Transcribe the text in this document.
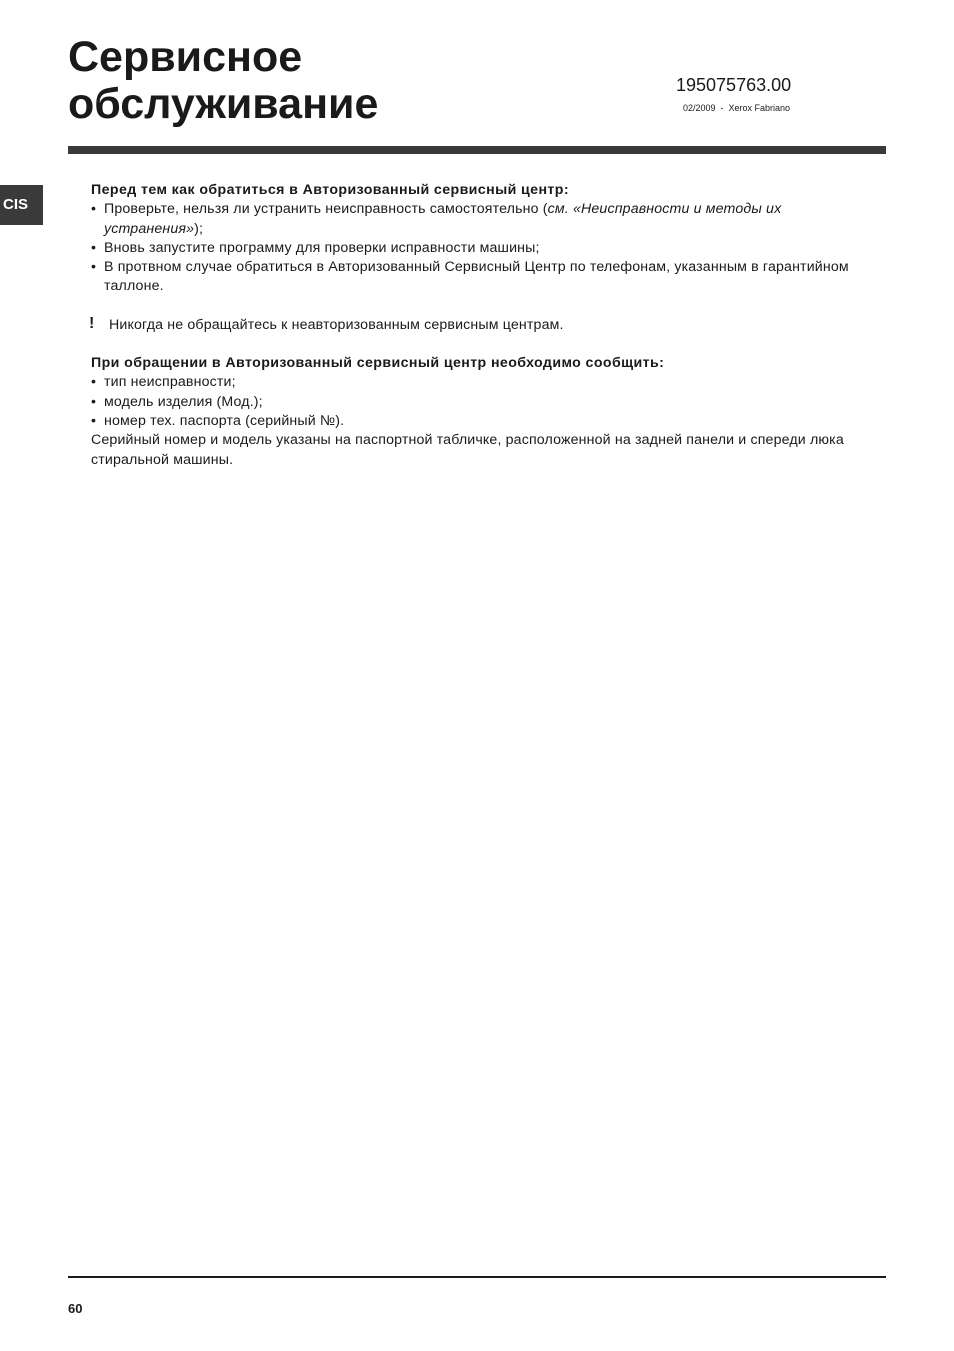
Сервисное
обслуживание	195075763.00
02/2009  -  Xerox Fabriano
CIS

Перед тем как обратиться в Авторизованный сервисный центр:

• Проверьте, нельзя ли устранить неисправность самостоятельно (см. «Неисправности и методы их устранения»);
• Вновь запустите программу для проверки исправности машины;
• В протвном случае обратиться в Авторизованный Сервисный Центр по телефонам, указанным в гарантийном таллоне.
! Никогда не обращайтесь к неавторизованным сервисным центрам.

При обращении в Авторизованный сервисный центр необходимо сообщить:

• тип неисправности;
• модель изделия (Мод.);
• номер тех. паспорта (серийный №).

Серийный номер и модель указаны на паспортной табличке, расположенной на задней панели и спереди люка стиральной машины.

60
